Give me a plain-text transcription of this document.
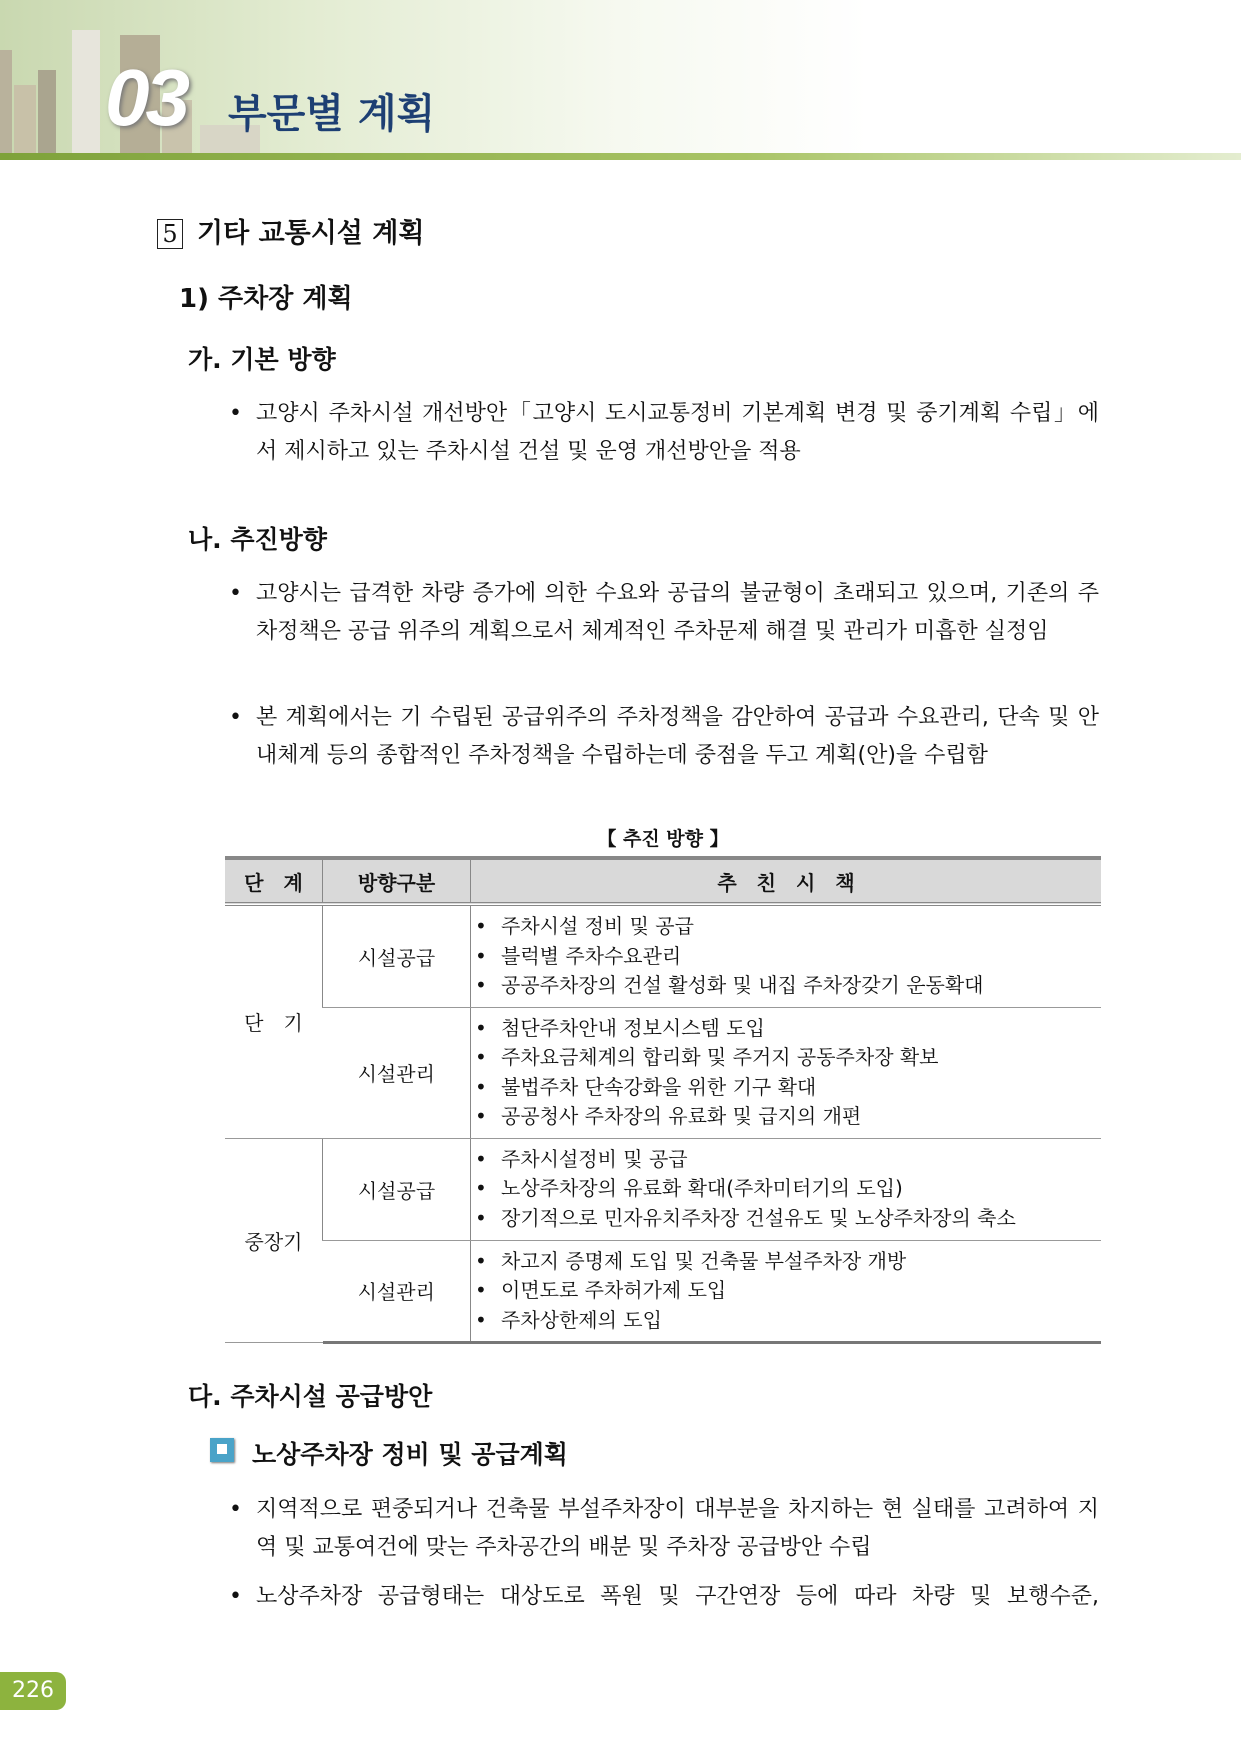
03 부문별 계획
5 기타 교통시설 계획
1) 주차장 계획
가. 기본 방향
• 고양시 주차시설 개선방안「고양시 도시교통정비 기본계획 변경 및 중기계획 수립」에서 제시하고 있는 주차시설 건설 및 운영 개선방안을 적용
나. 추진방향
• 고양시는 급격한 차량 증가에 의한 수요와 공급의 불균형이 초래되고 있으며, 기존의 주차정책은 공급 위주의 계획으로서 체계적인 주차문제 해결 및 관리가 미흡한 실정임
• 본 계획에서는 기 수립된 공급위주의 주차정책을 감안하여 공급과 수요관리, 단속 및 안내체계 등의 종합적인 주차정책을 수립하는데 중점을 두고 계획(안)을 수립함
【 추진 방향 】
단　계	방향구분	추　친　시　책
단　기	시설공급	• 주차시설 정비 및 공급
• 블럭별 주차수요관리
• 공공주차장의 건설 활성화 및 내집 주차장갖기 운동확대

	시설관리	• 첨단주차안내 정보시스템 도입
• 주차요금체계의 합리화 및 주거지 공동주차장 확보
• 불법주차 단속강화을 위한 기구 확대
• 공공청사 주차장의 유료화 및 급지의 개편

중장기	시설공급	• 주차시설정비 및 공급
• 노상주차장의 유료화 확대(주차미터기의 도입)
• 장기적으로 민자유치주차장 건설유도 및 노상주차장의 축소

	시설관리	• 차고지 증명제 도입 및 건축물 부설주차장 개방
• 이면도로 주차허가제 도입
• 주차상한제의 도입
다. 주차시설 공급방안
노상주차장 정비 및 공급계획
• 지역적으로 편중되거나 건축물 부설주차장이 대부분을 차지하는 현 실태를 고려하여 지역 및 교통여건에 맞는 주차공간의 배분 및 주차장 공급방안 수립
• 노상주차장 공급형태는 대상도로 폭원 및 구간연장 등에 따라 차량 및 보행수준,
226
